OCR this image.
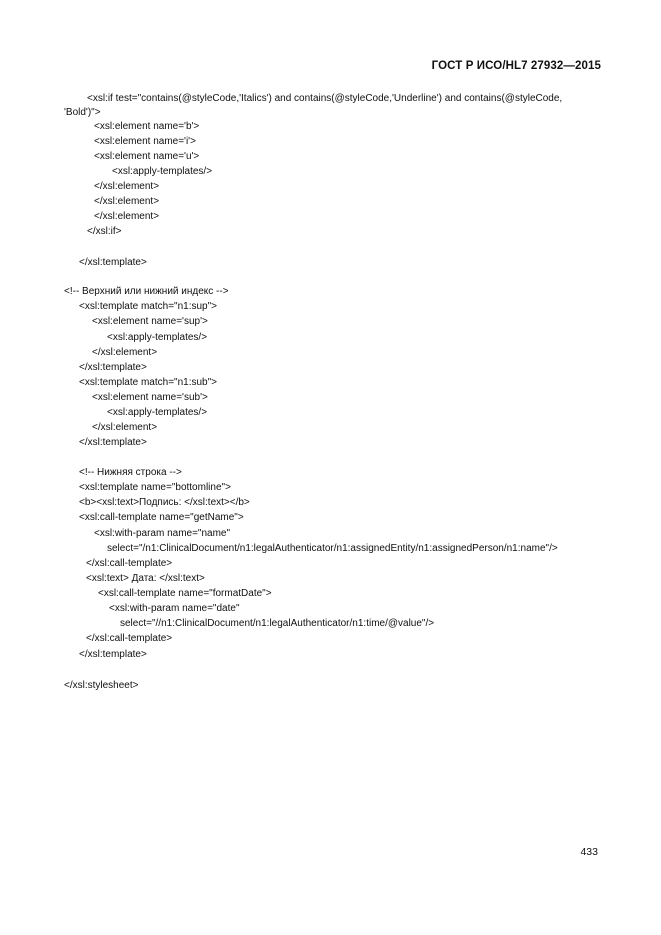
ГОСТ Р ИСО/HL7 27932—2015
<xsl:if test="contains(@styleCode,'Italics') and contains(@styleCode,'Underline') and contains(@styleCode,
'Bold')">
<xsl:element name='b'>
<xsl:element name='i'>
<xsl:element name='u'>
<xsl:apply-templates/>
</xsl:element>
</xsl:element>
</xsl:element>
</xsl:if>
</xsl:template>
<!-- Верхний или нижний индекс -->
<xsl:template match="n1:sup">
<xsl:element name='sup'>
<xsl:apply-templates/>
</xsl:element>
</xsl:template>
<xsl:template match="n1:sub">
<xsl:element name='sub'>
<xsl:apply-templates/>
</xsl:element>
</xsl:template>
<!-- Нижняя строка -->
<xsl:template name="bottomline">
<b><xsl:text>Подпись: </xsl:text></b>
<xsl:call-template name="getName">
<xsl:with-param name="name"
select="/n1:ClinicalDocument/n1:legalAuthenticator/n1:assignedEntity/n1:assignedPerson/n1:name"/>
</xsl:call-template>
<xsl:text> Дата: </xsl:text>
<xsl:call-template name="formatDate">
<xsl:with-param name="date"
select="//n1:ClinicalDocument/n1:legalAuthenticator/n1:time/@value"/>
</xsl:call-template>
</xsl:template>
</xsl:stylesheet>
433
